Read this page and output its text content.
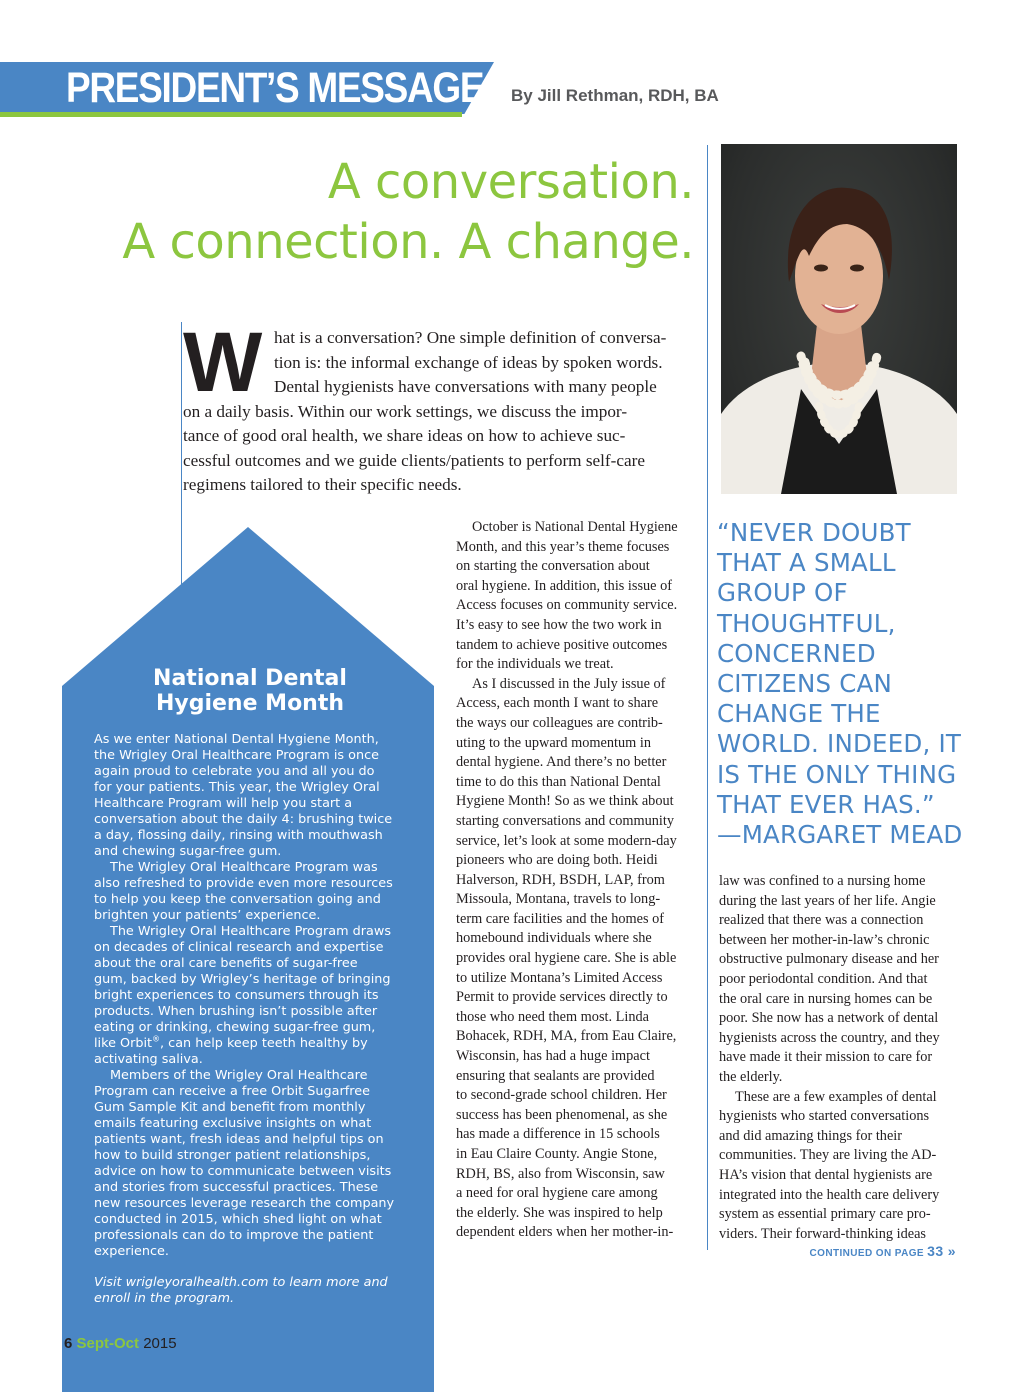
PRESIDENT’S MESSAGE By Jill Rethman, RDH, BA
A conversation.
A connection. A change.
W hat is a conversation? One simple definition of conversa-
tion is: the informal exchange of ideas by spoken words.
Dental hygienists have conversations with many people
on a daily basis. Within our work settings, we discuss the impor-
tance of good oral health, we share ideas on how to achieve suc-
cessful outcomes and we guide clients/patients to perform self-care
regimens tailored to their specific needs.
October is National Dental Hygiene
Month, and this year’s theme focuses
on starting the conversation about
oral hygiene. In addition, this issue of
Access focuses on community service.
It’s easy to see how the two work in
tandem to achieve positive outcomes
for the individuals we treat.
As I discussed in the July issue of
Access, each month I want to share
the ways our colleagues are contrib-
uting to the upward momentum in
dental hygiene. And there’s no better
time to do this than National Dental
Hygiene Month! So as we think about
starting conversations and community
service, let’s look at some modern-day
pioneers who are doing both. Heidi
Halverson, RDH, BSDH, LAP, from
Missoula, Montana, travels to long-
term care facilities and the homes of
homebound individuals where she
provides oral hygiene care. She is able
to utilize Montana’s Limited Access
Permit to provide services directly to
those who need them most. Linda
Bohacek, RDH, MA, from Eau Claire,
Wisconsin, has had a huge impact
ensuring that sealants are provided
to second-grade school children. Her
success has been phenomenal, as she
has made a difference in 15 schools
in Eau Claire County. Angie Stone,
RDH, BS, also from Wisconsin, saw
a need for oral hygiene care among
the elderly. She was inspired to help
dependent elders when her mother-in-
“NEVER DOUBT
THAT A SMALL
GROUP OF
THOUGHTFUL,
CONCERNED
CITIZENS CAN
CHANGE THE
WORLD. INDEED, IT
IS THE ONLY THING
THAT EVER HAS.”
—MARGARET MEAD
law was confined to a nursing home
during the last years of her life. Angie
realized that there was a connection
between her mother-in-law’s chronic
obstructive pulmonary disease and her
poor periodontal condition. And that
the oral care in nursing homes can be
poor. She now has a network of dental
hygienists across the country, and they
have made it their mission to care for
the elderly.
These are a few examples of dental
hygienists who started conversations
and did amazing things for their
communities. They are living the AD-
HA’s vision that dental hygienists are
integrated into the health care delivery
system as essential primary care pro-
viders. Their forward-thinking ideas
CONTINUED ON PAGE 33 »
National Dental
Hygiene Month
As we enter National Dental Hygiene Month,
the Wrigley Oral Healthcare Program is once
again proud to celebrate you and all you do
for your patients. This year, the Wrigley Oral
Healthcare Program will help you start a
conversation about the daily 4: brushing twice
a day, flossing daily, rinsing with mouthwash
and chewing sugar-free gum.
The Wrigley Oral Healthcare Program was
also refreshed to provide even more resources
to help you keep the conversation going and
brighten your patients’ experience.
The Wrigley Oral Healthcare Program draws
on decades of clinical research and expertise
about the oral care benefits of sugar-free
gum, backed by Wrigley’s heritage of bringing
bright experiences to consumers through its
products. When brushing isn’t possible after
eating or drinking, chewing sugar-free gum,
like Orbit®, can help keep teeth healthy by
activating saliva.
Members of the Wrigley Oral Healthcare
Program can receive a free Orbit Sugarfree
Gum Sample Kit and benefit from monthly
emails featuring exclusive insights on what
patients want, fresh ideas and helpful tips on
how to build stronger patient relationships,
advice on how to communicate between visits
and stories from successful practices. These
new resources leverage research the company
conducted in 2015, which shed light on what
professionals can do to improve the patient
experience.
Visit wrigleyoralhealth.com to learn more and
enroll in the program.
6 Sept-Oct 2015
